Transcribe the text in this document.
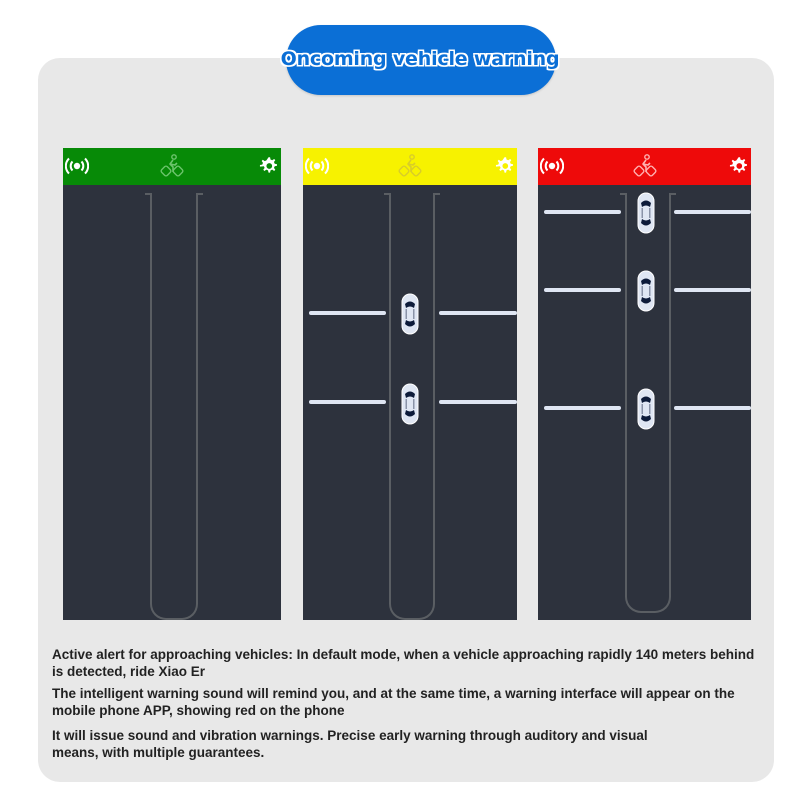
Oncoming vehicle warning
Active alert for approaching vehicles: In default mode, when a vehicle approaching rapidly 140 meters behind is detected, ride Xiao Er
The intelligent warning sound will remind you, and at the same time, a warning interface will appear on the mobile phone APP, showing red on the phone
It will issue sound and vibration warnings. Precise early warning through auditory and visual means, with multiple guarantees.
